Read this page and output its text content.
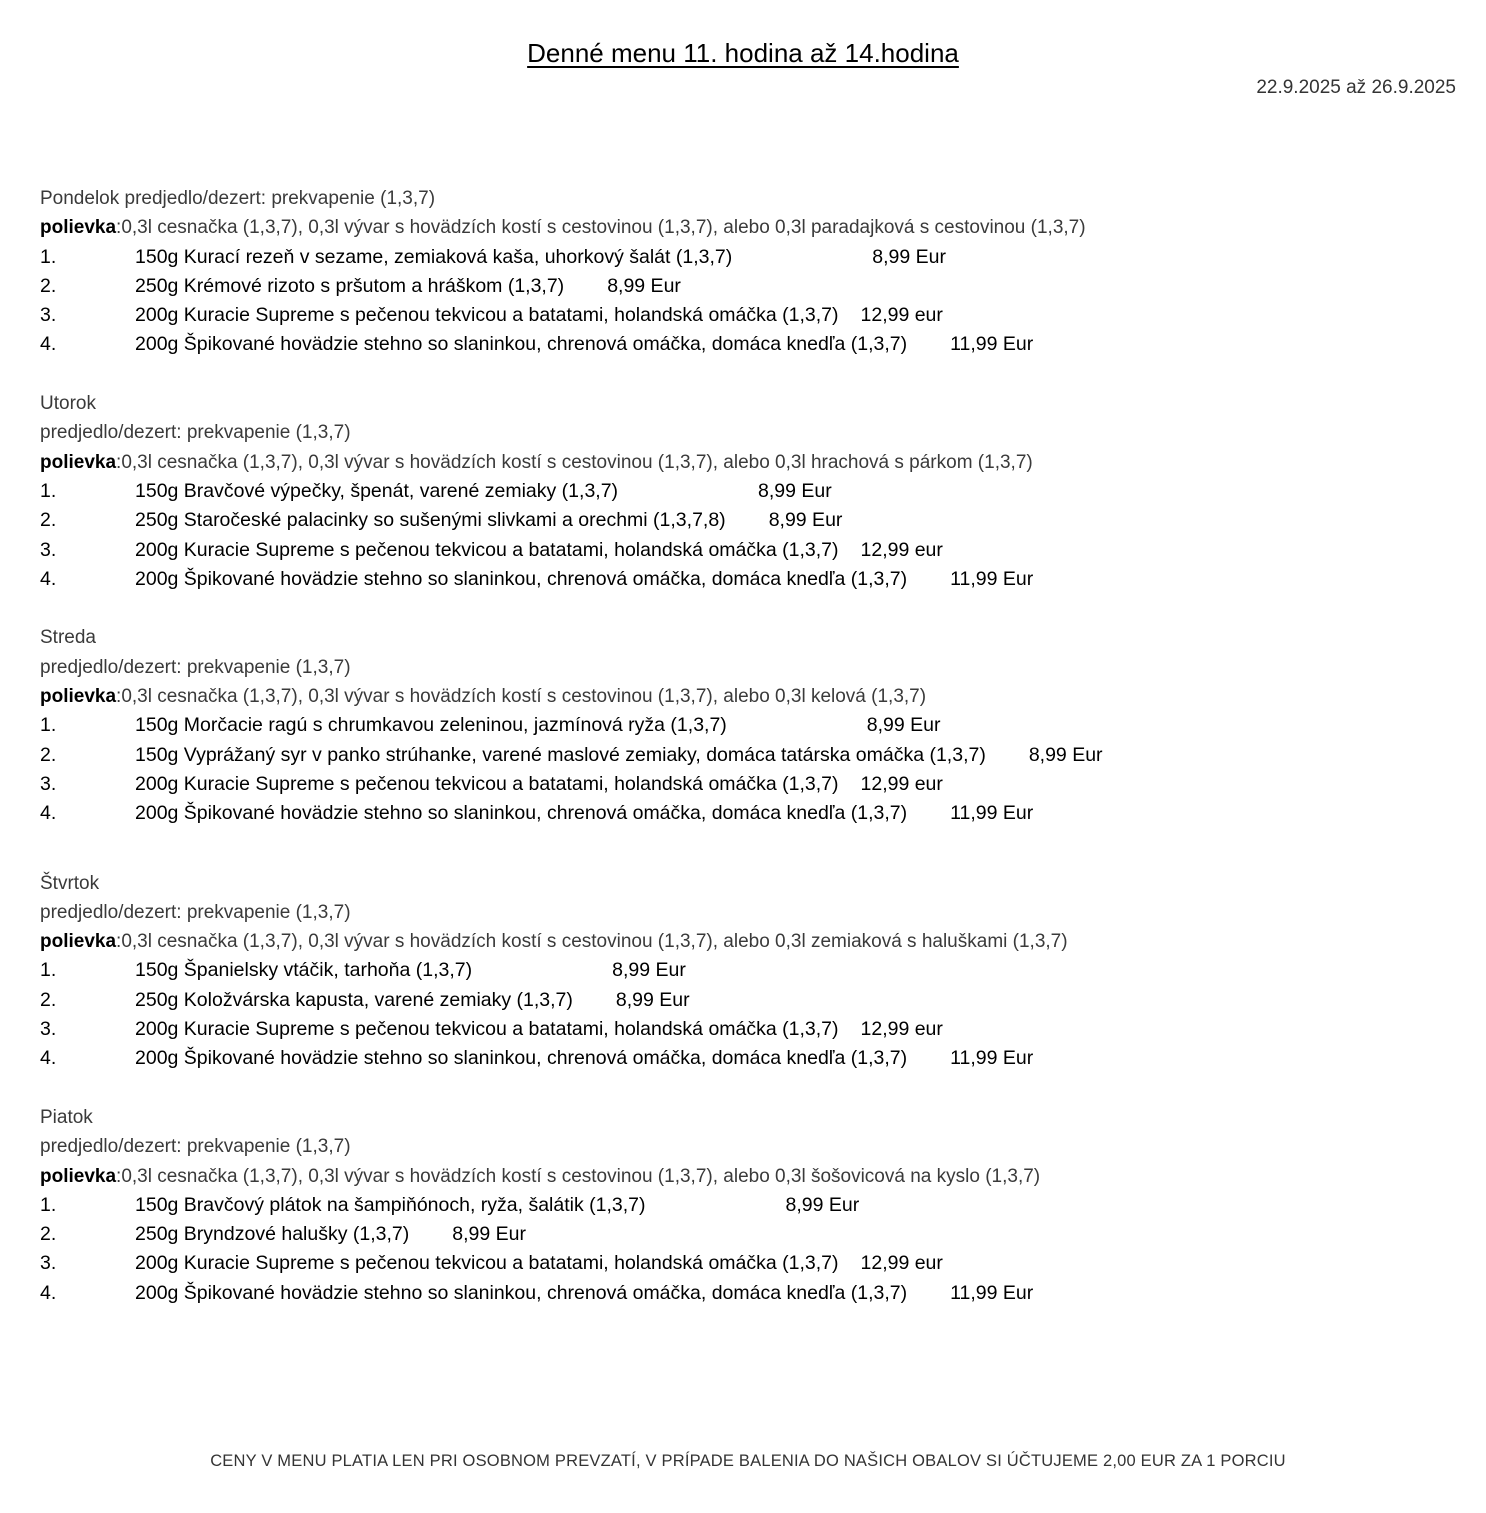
Denné menu 11. hodina až 14.hodina
22.9.2025 až 26.9.2025
Pondelok predjedlo/dezert: prekvapenie (1,3,7)
polievka:0,3l cesnačka (1,3,7), 0,3l vývar s hovädzích kostí s cestovinou (1,3,7), alebo 0,3l paradajková s cestovinou (1,3,7)
1.	150g Kurací rezeň v sezame, zemiaková kaša, uhorkový šalát (1,3,7)	8,99 Eur
2.	250g Krémové rizoto s pršutom a hráškom (1,3,7) 8,99 Eur
3.	200g Kuracie Supreme s pečenou tekvicou a batatami, holandská omáčka (1,3,7) 12,99 eur
4.	200g Špikované hovädzie stehno so slaninkou, chrenová omáčka, domáca knedľa (1,3,7) 11,99 Eur
Utorok
predjedlo/dezert: prekvapenie (1,3,7)
polievka:0,3l cesnačka (1,3,7), 0,3l vývar s hovädzích kostí s cestovinou (1,3,7), alebo 0,3l hrachová s párkom (1,3,7)
1.	150g Bravčové výpečky, špenát, varené zemiaky (1,3,7)	8,99 Eur
2.	250g Staročeské palacinky so sušenými slivkami a orechmi (1,3,7,8) 8,99 Eur
3.	200g Kuracie Supreme s pečenou tekvicou a batatami, holandská omáčka (1,3,7) 12,99 eur
4.	200g Špikované hovädzie stehno so slaninkou, chrenová omáčka, domáca knedľa (1,3,7) 11,99 Eur
Streda
predjedlo/dezert: prekvapenie (1,3,7)
polievka:0,3l cesnačka (1,3,7), 0,3l vývar s hovädzích kostí s cestovinou (1,3,7), alebo 0,3l kelová (1,3,7)
1.	150g Morčacie ragú s chrumkavou zeleninou, jazmínová ryža (1,3,7)	8,99 Eur
2.	150g Vyprážaný syr v panko strúhanke, varené maslové zemiaky, domáca tatárska omáčka (1,3,7) 8,99 Eur
3.	200g Kuracie Supreme s pečenou tekvicou a batatami, holandská omáčka (1,3,7) 12,99 eur
4.	200g Špikované hovädzie stehno so slaninkou, chrenová omáčka, domáca knedľa (1,3,7) 11,99 Eur
Štvrtok
predjedlo/dezert: prekvapenie (1,3,7)
polievka:0,3l cesnačka (1,3,7), 0,3l vývar s hovädzích kostí s cestovinou (1,3,7), alebo 0,3l zemiaková s haluškami (1,3,7)
1.	150g Španielsky vtáčik, tarhoňa (1,3,7)	8,99 Eur
2.	250g Koložvárska kapusta, varené zemiaky (1,3,7) 8,99 Eur
3.	200g Kuracie Supreme s pečenou tekvicou a batatami, holandská omáčka (1,3,7) 12,99 eur
4.	200g Špikované hovädzie stehno so slaninkou, chrenová omáčka, domáca knedľa (1,3,7) 11,99 Eur
Piatok
predjedlo/dezert: prekvapenie (1,3,7)
polievka:0,3l cesnačka (1,3,7), 0,3l vývar s hovädzích kostí s cestovinou (1,3,7), alebo 0,3l šošovicová na kyslo (1,3,7)
1.	150g Bravčový plátok na šampiňónoch, ryža, šalátik (1,3,7)	8,99 Eur
2.	250g Bryndzové halušky (1,3,7) 8,99 Eur
3.	200g Kuracie Supreme s pečenou tekvicou a batatami, holandská omáčka (1,3,7) 12,99 eur
4.	200g Špikované hovädzie stehno so slaninkou, chrenová omáčka, domáca knedľa (1,3,7) 11,99 Eur
CENY V MENU PLATIA LEN PRI OSOBNOM PREVZATÍ, V PRÍPADE BALENIA DO NAŠICH OBALOV SI ÚČTUJEME 2,00 EUR ZA 1 PORCIU
